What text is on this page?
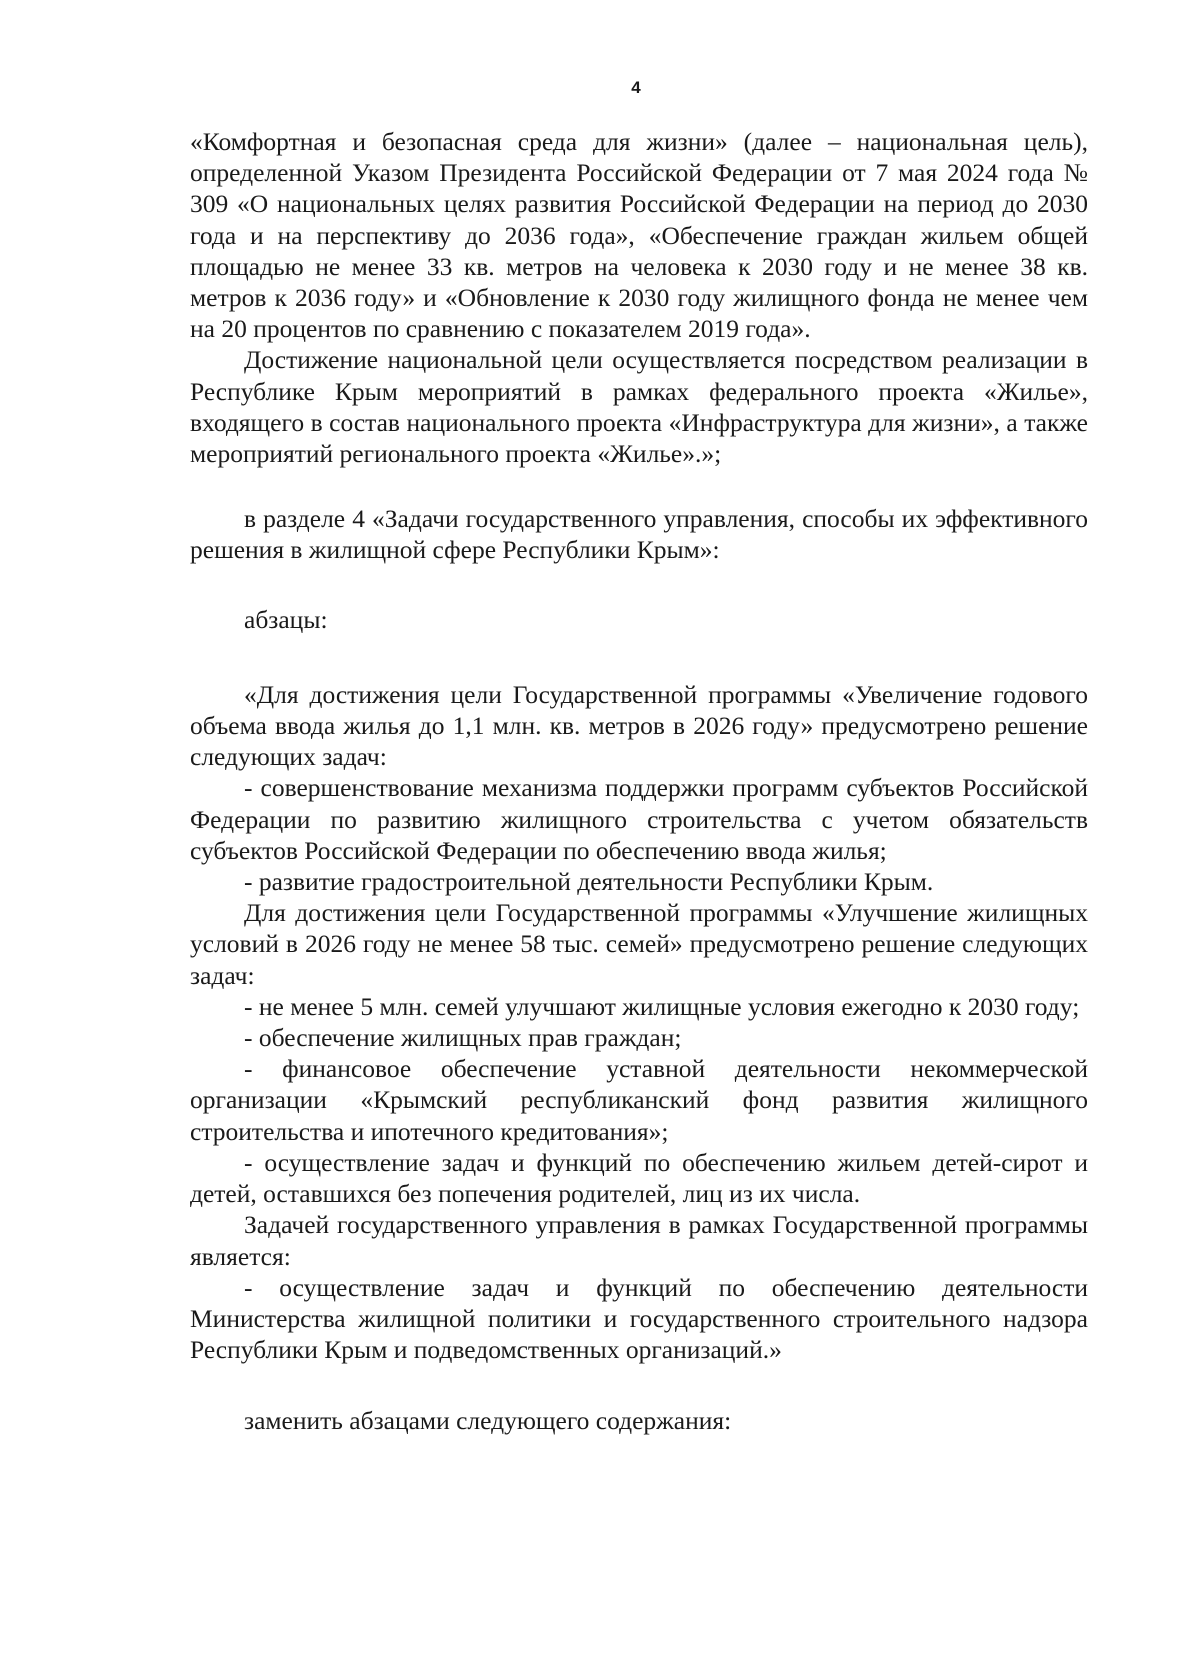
4

«Комфортная и безопасная среда для жизни» (далее – национальная цель), определенной Указом Президента Российской Федерации от 7 мая 2024 года № 309 «О национальных целях развития Российской Федерации на период до 2030 года и на перспективу до 2036 года», «Обеспечение граждан жильем общей площадью не менее 33 кв. метров на человека к 2030 году и не менее 38 кв. метров к 2036 году» и «Обновление к 2030 году жилищного фонда не менее чем на 20 процентов по сравнению с показателем 2019 года».

Достижение национальной цели осуществляется посредством реализации в Республике Крым мероприятий в рамках федерального проекта «Жилье», входящего в состав национального проекта «Инфраструктура для жизни», а также мероприятий регионального проекта «Жилье».»;

в разделе 4 «Задачи государственного управления, способы их эффективного решения в жилищной сфере Республики Крым»:

абзацы:

«Для достижения цели Государственной программы «Увеличение годового объема ввода жилья до 1,1 млн. кв. метров в 2026 году» предусмотрено решение следующих задач:

- совершенствование механизма поддержки программ субъектов Российской Федерации по развитию жилищного строительства с учетом обязательств субъектов Российской Федерации по обеспечению ввода жилья;

- развитие градостроительной деятельности Республики Крым.

Для достижения цели Государственной программы «Улучшение жилищных условий в 2026 году не менее 58 тыс. семей» предусмотрено решение следующих задач:

- не менее 5 млн. семей улучшают жилищные условия ежегодно к 2030 году;

- обеспечение жилищных прав граждан;

- финансовое обеспечение уставной деятельности некоммерческой организации «Крымский республиканский фонд развития жилищного строительства и ипотечного кредитования»;

- осуществление задач и функций по обеспечению жильем детей-сирот и детей, оставшихся без попечения родителей, лиц из их числа.

Задачей государственного управления в рамках Государственной программы является:

- осуществление задач и функций по обеспечению деятельности Министерства жилищной политики и государственного строительного надзора Республики Крым и подведомственных организаций.»

заменить абзацами следующего содержания:
